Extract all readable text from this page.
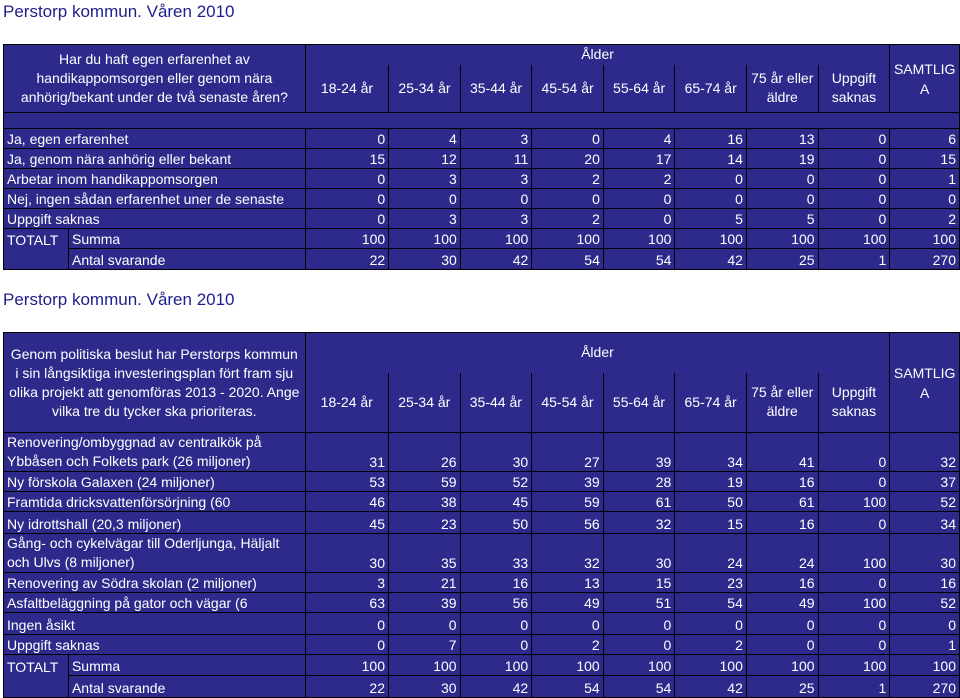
Perstorp kommun. Våren 2010
Har du haft egen erfarenhet av handikappomsorgen eller genom nära anhörig/bekant under de två senaste åren?		Ålder								SAMTLIGA
		18-24 år	25-34 år	35-44 år	45-54 år	55-64 år	65-74 år	75 år eller äldre	Uppgift saknas	

Ja, egen erfarenhet		0	4	3	0	4	16	13	0	6
Ja, genom nära anhörig eller bekant		15	12	11	20	17	14	19	0	15
Arbetar inom handikappomsorgen		0	3	3	2	2	0	0	0	1
Nej, ingen sådan erfarenhet uner de senaste		0	0	0	0	0	0	0	0	0
Uppgift saknas		0	3	3	2	0	5	5	0	2
TOTALT	Summa	100	100	100	100	100	100	100	100	100
	Antal svarande	22	30	42	54	54	42	25	1	270
Perstorp kommun. Våren 2010
Genom politiska beslut har Perstorps kommun i sin långsiktiga investeringsplan fört fram sju olika projekt att genomföras 2013 - 2020. Ange vilka tre du tycker ska prioriteras.		Ålder								SAMTLIGA
		18-24 år	25-34 år	35-44 år	45-54 år	55-64 år	65-74 år	75 år eller äldre	Uppgift saknas	
Renovering/ombyggnad av centralkök på Ybbåsen och Folkets park (26 miljoner)		31	26	30	27	39	34	41	0	32
Ny förskola Galaxen (24 miljoner)		53	59	52	39	28	19	16	0	37
Framtida dricksvattenförsörjning (60		46	38	45	59	61	50	61	100	52
Ny idrottshall (20,3 miljoner)		45	23	50	56	32	15	16	0	34
Gång- och cykelvägar till Oderljunga, Häljalt och Ulvs (8 miljoner)		30	35	33	32	30	24	24	100	30
Renovering av Södra skolan (2 miljoner)		3	21	16	13	15	23	16	0	16
Asfaltbeläggning på gator och vägar (6		63	39	56	49	51	54	49	100	52
Ingen åsikt		0	0	0	0	0	0	0	0	0
Uppgift saknas		0	7	0	2	0	2	0	0	1
TOTALT	Summa	100	100	100	100	100	100	100	100	100
	Antal svarande	22	30	42	54	54	42	25	1	270
